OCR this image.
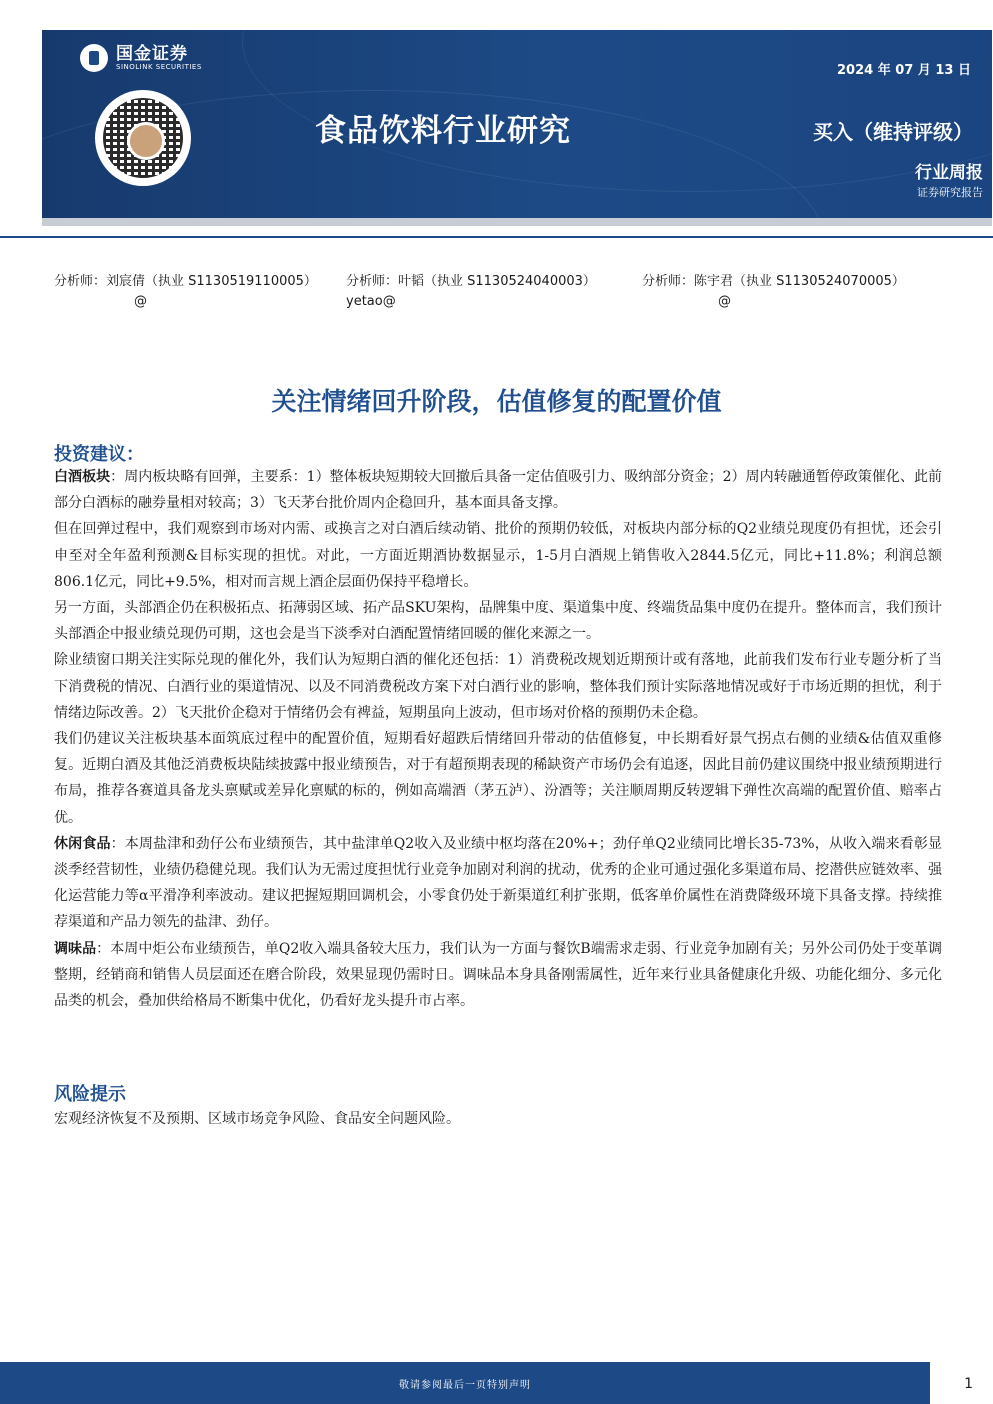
国金证券
SINOLINK SECURITIES	2024 年 07 月 13 日
食品饮料行业研究	买入（维持评级）
行业周报
证券研究报告
分析师：刘宸倩（执业 S1130519110005）
@
分析师：叶韬（执业 S1130524040003）
yetao@
分析师：陈宇君（执业 S1130524070005）
@
关注情绪回升阶段，估值修复的配置价值
投资建议：

白酒板块：周内板块略有回弹，主要系：1）整体板块短期较大回撤后具备一定估值吸引力、吸纳部分资金；2）周内转融通暂停政策催化、此前部分白酒标的融券量相对较高；3）飞天茅台批价周内企稳回升，基本面具备支撑。

但在回弹过程中，我们观察到市场对内需、或换言之对白酒后续动销、批价的预期仍较低，对板块内部分标的Q2业绩兑现度仍有担忧，还会引申至对全年盈利预测&目标实现的担忧。对此，一方面近期酒协数据显示，1-5月白酒规上销售收入2844.5亿元，同比+11.8%；利润总额806.1亿元，同比+9.5%，相对而言规上酒企层面仍保持平稳增长。

另一方面，头部酒企仍在积极拓点、拓薄弱区域、拓产品SKU架构，品牌集中度、渠道集中度、终端货品集中度仍在提升。整体而言，我们预计头部酒企中报业绩兑现仍可期，这也会是当下淡季对白酒配置情绪回暖的催化来源之一。

除业绩窗口期关注实际兑现的催化外，我们认为短期白酒的催化还包括：1）消费税改规划近期预计或有落地，此前我们发布行业专题分析了当下消费税的情况、白酒行业的渠道情况、以及不同消费税改方案下对白酒行业的影响，整体我们预计实际落地情况或好于市场近期的担忧，利于情绪边际改善。2）飞天批价企稳对于情绪仍会有裨益，短期虽向上波动，但市场对价格的预期仍未企稳。

我们仍建议关注板块基本面筑底过程中的配置价值，短期看好超跌后情绪回升带动的估值修复，中长期看好景气拐点右侧的业绩&估值双重修复。近期白酒及其他泛消费板块陆续披露中报业绩预告，对于有超预期表现的稀缺资产市场仍会有追逐，因此目前仍建议围绕中报业绩预期进行布局，推荐各赛道具备龙头禀赋或差异化禀赋的标的，例如高端酒（茅五泸）、汾酒等；关注顺周期反转逻辑下弹性次高端的配置价值、赔率占优。

休闲食品：本周盐津和劲仔公布业绩预告，其中盐津单Q2收入及业绩中枢均落在20%+；劲仔单Q2业绩同比增长35-73%，从收入端来看彰显淡季经营韧性，业绩仍稳健兑现。我们认为无需过度担忧行业竞争加剧对利润的扰动，优秀的企业可通过强化多渠道布局、挖潜供应链效率、强化运营能力等α平滑净利率波动。建议把握短期回调机会，小零食仍处于新渠道红利扩张期，低客单价属性在消费降级环境下具备支撑。持续推荐渠道和产品力领先的盐津、劲仔。

调味品：本周中炬公布业绩预告，单Q2收入端具备较大压力，我们认为一方面与餐饮B端需求走弱、行业竞争加剧有关；另外公司仍处于变革调整期，经销商和销售人员层面还在磨合阶段，效果显现仍需时日。调味品本身具备刚需属性，近年来行业具备健康化升级、功能化细分、多元化品类的机会，叠加供给格局不断集中优化，仍看好龙头提升市占率。

风险提示

宏观经济恢复不及预期、区域市场竞争风险、食品安全问题风险。

敬请参阅最后一页特别声明	1
